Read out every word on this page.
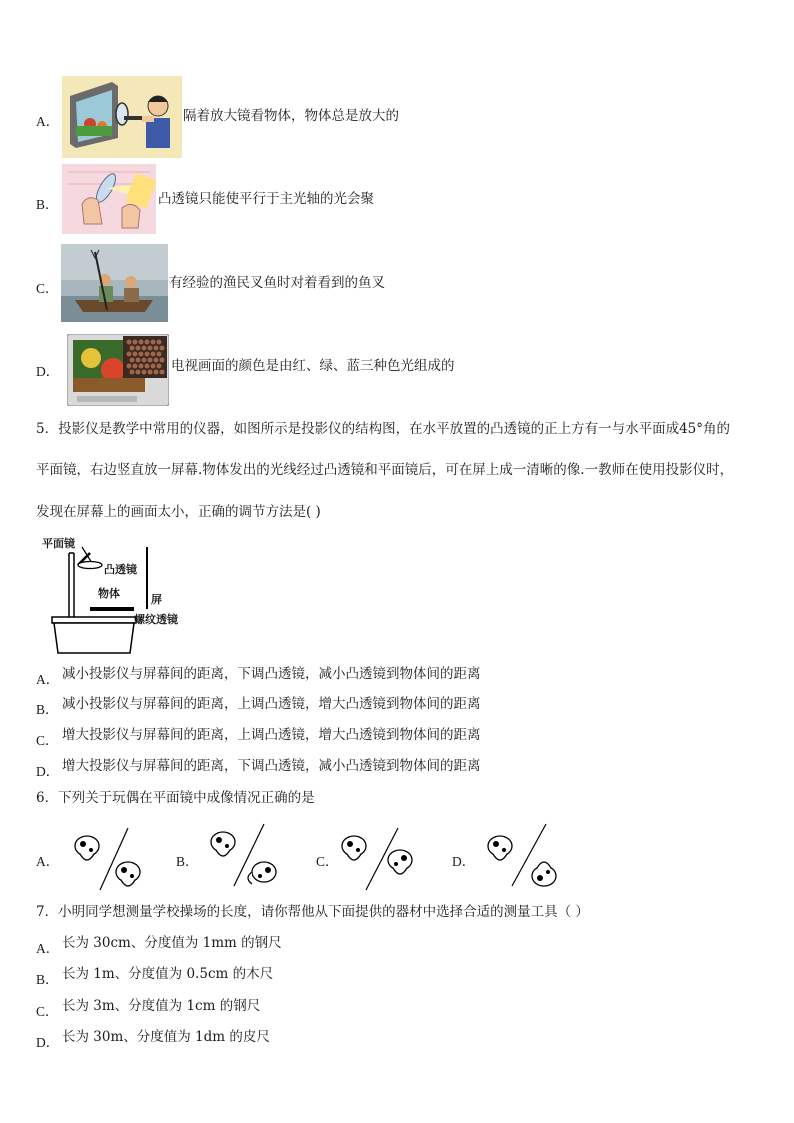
A．	隔着放大镜看物体，物体总是放大的
B．	凸透镜只能使平行于主光轴的光会聚
C．	有经验的渔民叉鱼时对着看到的鱼叉
D．	电视画面的颜色是由红、绿、蓝三种色光组成的
5．投影仪是教学中常用的仪器，如图所示是投影仪的结构图，在水平放置的凸透镜的正上方有一与水平面成45°角的
平面镜，右边竖直放一屏幕.物体发出的光线经过凸透镜和平面镜后，可在屏上成一清晰的像.一教师在使用投影仪时，
发现在屏幕上的画面太小，正确的调节方法是( )
平面镜
凸透镜
物体	屏
螺纹透镜
A． 减小投影仪与屏幕间的距离，下调凸透镜，减小凸透镜到物体间的距离
B． 减小投影仪与屏幕间的距离，上调凸透镜，增大凸透镜到物体间的距离
C． 增大投影仪与屏幕间的距离，上调凸透镜，增大凸透镜到物体间的距离
D． 增大投影仪与屏幕间的距离，下调凸透镜，减小凸透镜到物体间的距离
6．下列关于玩偶在平面镜中成像情况正确的是
A．	B．	C．	D．
7．小明同学想测量学校操场的长度，请你帮他从下面提供的器材中选择合适的测量工具（ ）
A． 长为 30cm、分度值为 1mm 的钢尺
B． 长为 1m、分度值为 0.5cm 的木尺
C． 长为 3m、分度值为 1cm 的钢尺
D． 长为 30m、分度值为 1dm 的皮尺
